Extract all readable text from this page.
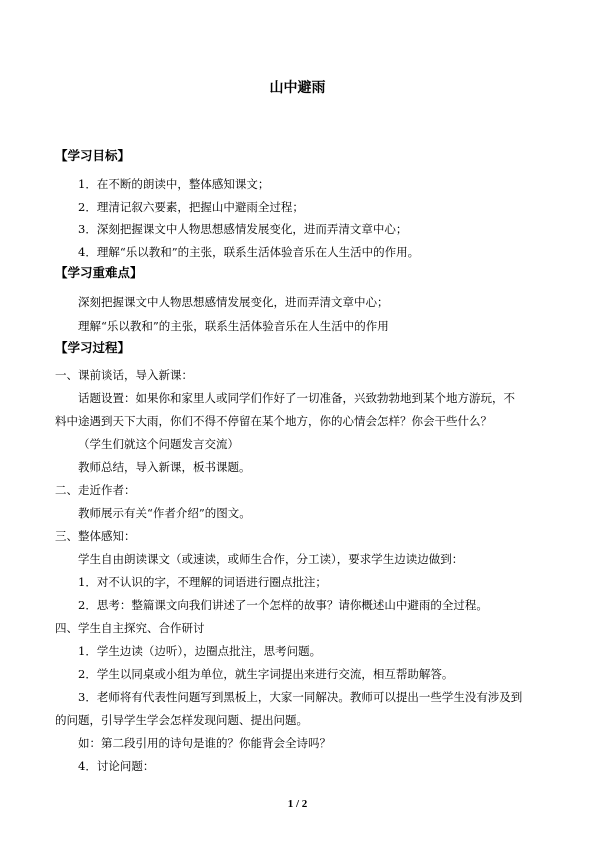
山中避雨
【学习目标】
1．在不断的朗读中，整体感知课文；
2．理清记叙六要素，把握山中避雨全过程；
3．深刻把握课文中人物思想感情发展变化，进而弄清文章中心；
4．理解“乐以教和”的主张，联系生活体验音乐在人生活中的作用。
【学习重难点】
深刻把握课文中人物思想感情发展变化，进而弄清文章中心；
理解“乐以教和”的主张，联系生活体验音乐在人生活中的作用
【学习过程】
一、课前谈话，导入新课：
话题设置：如果你和家里人或同学们作好了一切准备，兴致勃勃地到某个地方游玩，不
料中途遇到天下大雨，你们不得不停留在某个地方，你的心情会怎样？你会干些什么？
（学生们就这个问题发言交流）
教师总结，导入新课，板书课题。
二、走近作者：
教师展示有关“作者介绍”的图文。
三、整体感知：
学生自由朗读课文（或速读，或师生合作，分工读），要求学生边读边做到：
1．对不认识的字，不理解的词语进行圈点批注；
2．思考：整篇课文向我们讲述了一个怎样的故事？请你概述山中避雨的全过程。
四、学生自主探究、合作研讨
1．学生边读（边听），边圈点批注，思考问题。
2．学生以同桌或小组为单位，就生字词提出来进行交流，相互帮助解答。
3．老师将有代表性问题写到黑板上，大家一同解决。教师可以提出一些学生没有涉及到
的问题，引导学生学会怎样发现问题、提出问题。
如：第二段引用的诗句是谁的？你能背会全诗吗？
4．讨论问题：
1 / 2
